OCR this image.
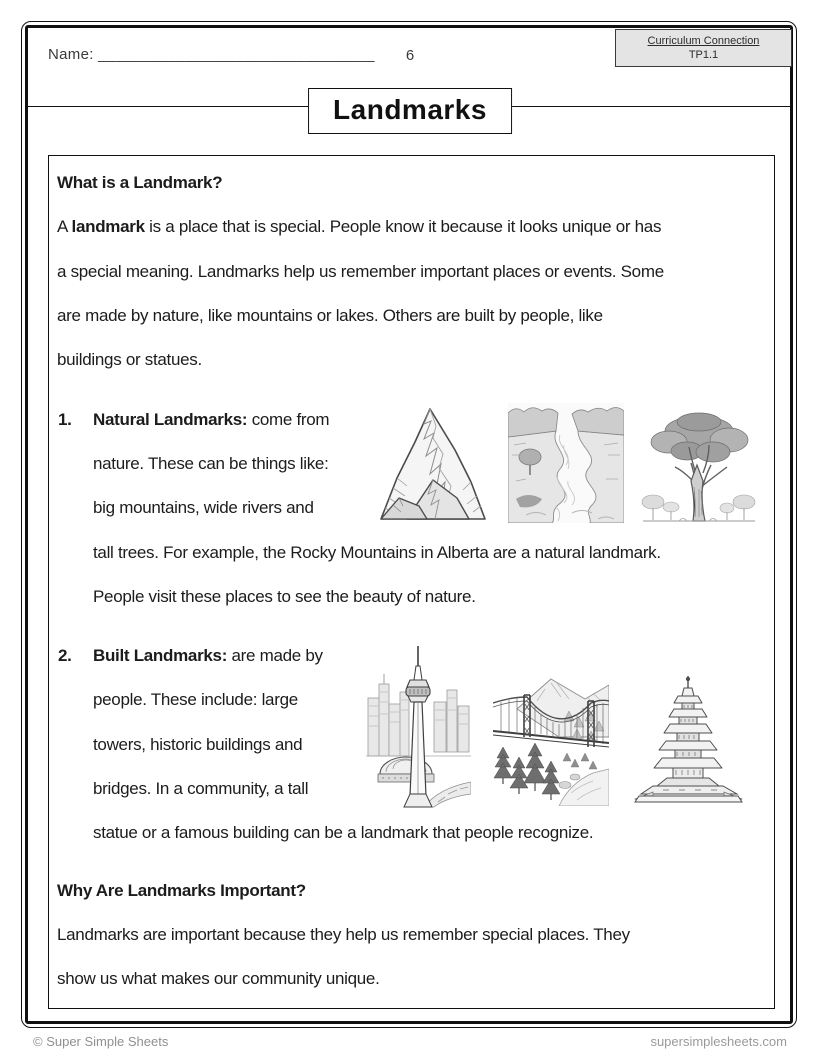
Name: ________________________________	6
Curriculum Connection
TP1.1
Landmarks
What is a Landmark?
A landmark is a place that is special. People know it because it looks unique or has
a special meaning. Landmarks help us remember important places or events. Some
are made by nature, like mountains or lakes. Others are built by people, like
buildings or statues.
1.	Natural Landmarks: come from
nature. These can be things like:
big mountains, wide rivers and
tall trees. For example, the Rocky Mountains in Alberta are a natural landmark.
People visit these places to see the beauty of nature.
2.	Built Landmarks: are made by
people. These include: large
towers, historic buildings and
bridges. In a community, a tall
statue or a famous building can be a landmark that people recognize.
Why Are Landmarks Important?
Landmarks are important because they help us remember special places. They
show us what makes our community unique.
© Super Simple Sheets	supersimplesheets.com
